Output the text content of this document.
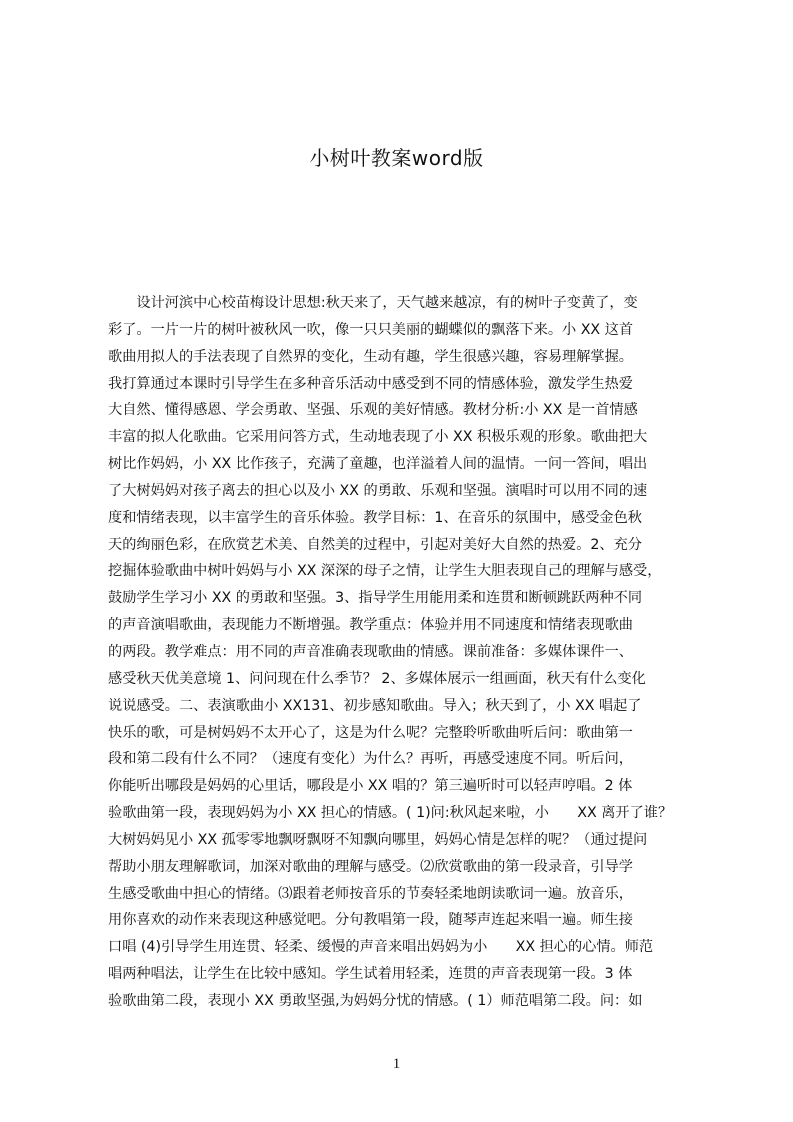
小树叶教案word版
　　设计河滨中心校苗梅设计思想:秋天来了，天气越来越凉，有的树叶子变黄了，变
彩了。一片一片的树叶被秋风一吹，像一只只美丽的蝴蝶似的飘落下来。小 XX 这首
歌曲用拟人的手法表现了自然界的变化，生动有趣，学生很感兴趣，容易理解掌握。
我打算通过本课时引导学生在多种音乐活动中感受到不同的情感体验，激发学生热爱
大自然、懂得感恩、学会勇敢、坚强、乐观的美好情感。教材分析:小 XX 是一首情感
丰富的拟人化歌曲。它采用问答方式，生动地表现了小 XX 积极乐观的形象。歌曲把大
树比作妈妈，小 XX 比作孩子，充满了童趣，也洋溢着人间的温情。一问一答间，唱出
了大树妈妈对孩子离去的担心以及小 XX 的勇敢、乐观和坚强。演唱时可以用不同的速
度和情绪表现，以丰富学生的音乐体验。教学目标：1、在音乐的氛围中，感受金色秋
天的绚丽色彩，在欣赏艺术美、自然美的过程中，引起对美好大自然的热爱。2、充分
挖掘体验歌曲中树叶妈妈与小 XX 深深的母子之情，让学生大胆表现自己的理解与感受，
鼓励学生学习小 XX 的勇敢和坚强。3、指导学生用能用柔和连贯和断顿跳跃两种不同
的声音演唱歌曲，表现能力不断增强。教学重点：体验并用不同速度和情绪表现歌曲
的两段。教学难点：用不同的声音准确表现歌曲的情感。课前准备：多媒体课件一、
感受秋天优美意境 1、问问现在什么季节？ 2、多媒体展示一组画面，秋天有什么变化
说说感受。二、表演歌曲小 XX131、初步感知歌曲。导入；秋天到了，小 XX 唱起了
快乐的歌，可是树妈妈不太开心了，这是为什么呢？完整聆听歌曲听后问：歌曲第一
段和第二段有什么不同？（速度有变化）为什么？再听，再感受速度不同。听后问，
你能听出哪段是妈妈的心里话，哪段是小 XX 唱的？第三遍听时可以轻声哼唱。2 体
验歌曲第一段，表现妈妈为小 XX 担心的情感。( 1)问:秋风起来啦，小　　XX 离开了谁？
大树妈妈见小 XX 孤零零地飘呀飘呀不知飘向哪里，妈妈心情是怎样的呢？（通过提问
帮助小朋友理解歌词，加深对歌曲的理解与感受。⑵欣赏歌曲的第一段录音，引导学
生感受歌曲中担心的情绪。⑶跟着老师按音乐的节奏轻柔地朗读歌词一遍。放音乐，
用你喜欢的动作来表现这种感觉吧。分句教唱第一段，随琴声连起来唱一遍。师生接
口唱 (4)引导学生用连贯、轻柔、缓慢的声音来唱出妈妈为小　　XX 担心的心情。师范
唱两种唱法，让学生在比较中感知。学生试着用轻柔，连贯的声音表现第一段。3 体
验歌曲第二段，表现小 XX 勇敢坚强,为妈妈分忧的情感。( 1）师范唱第二段。问：如
1
